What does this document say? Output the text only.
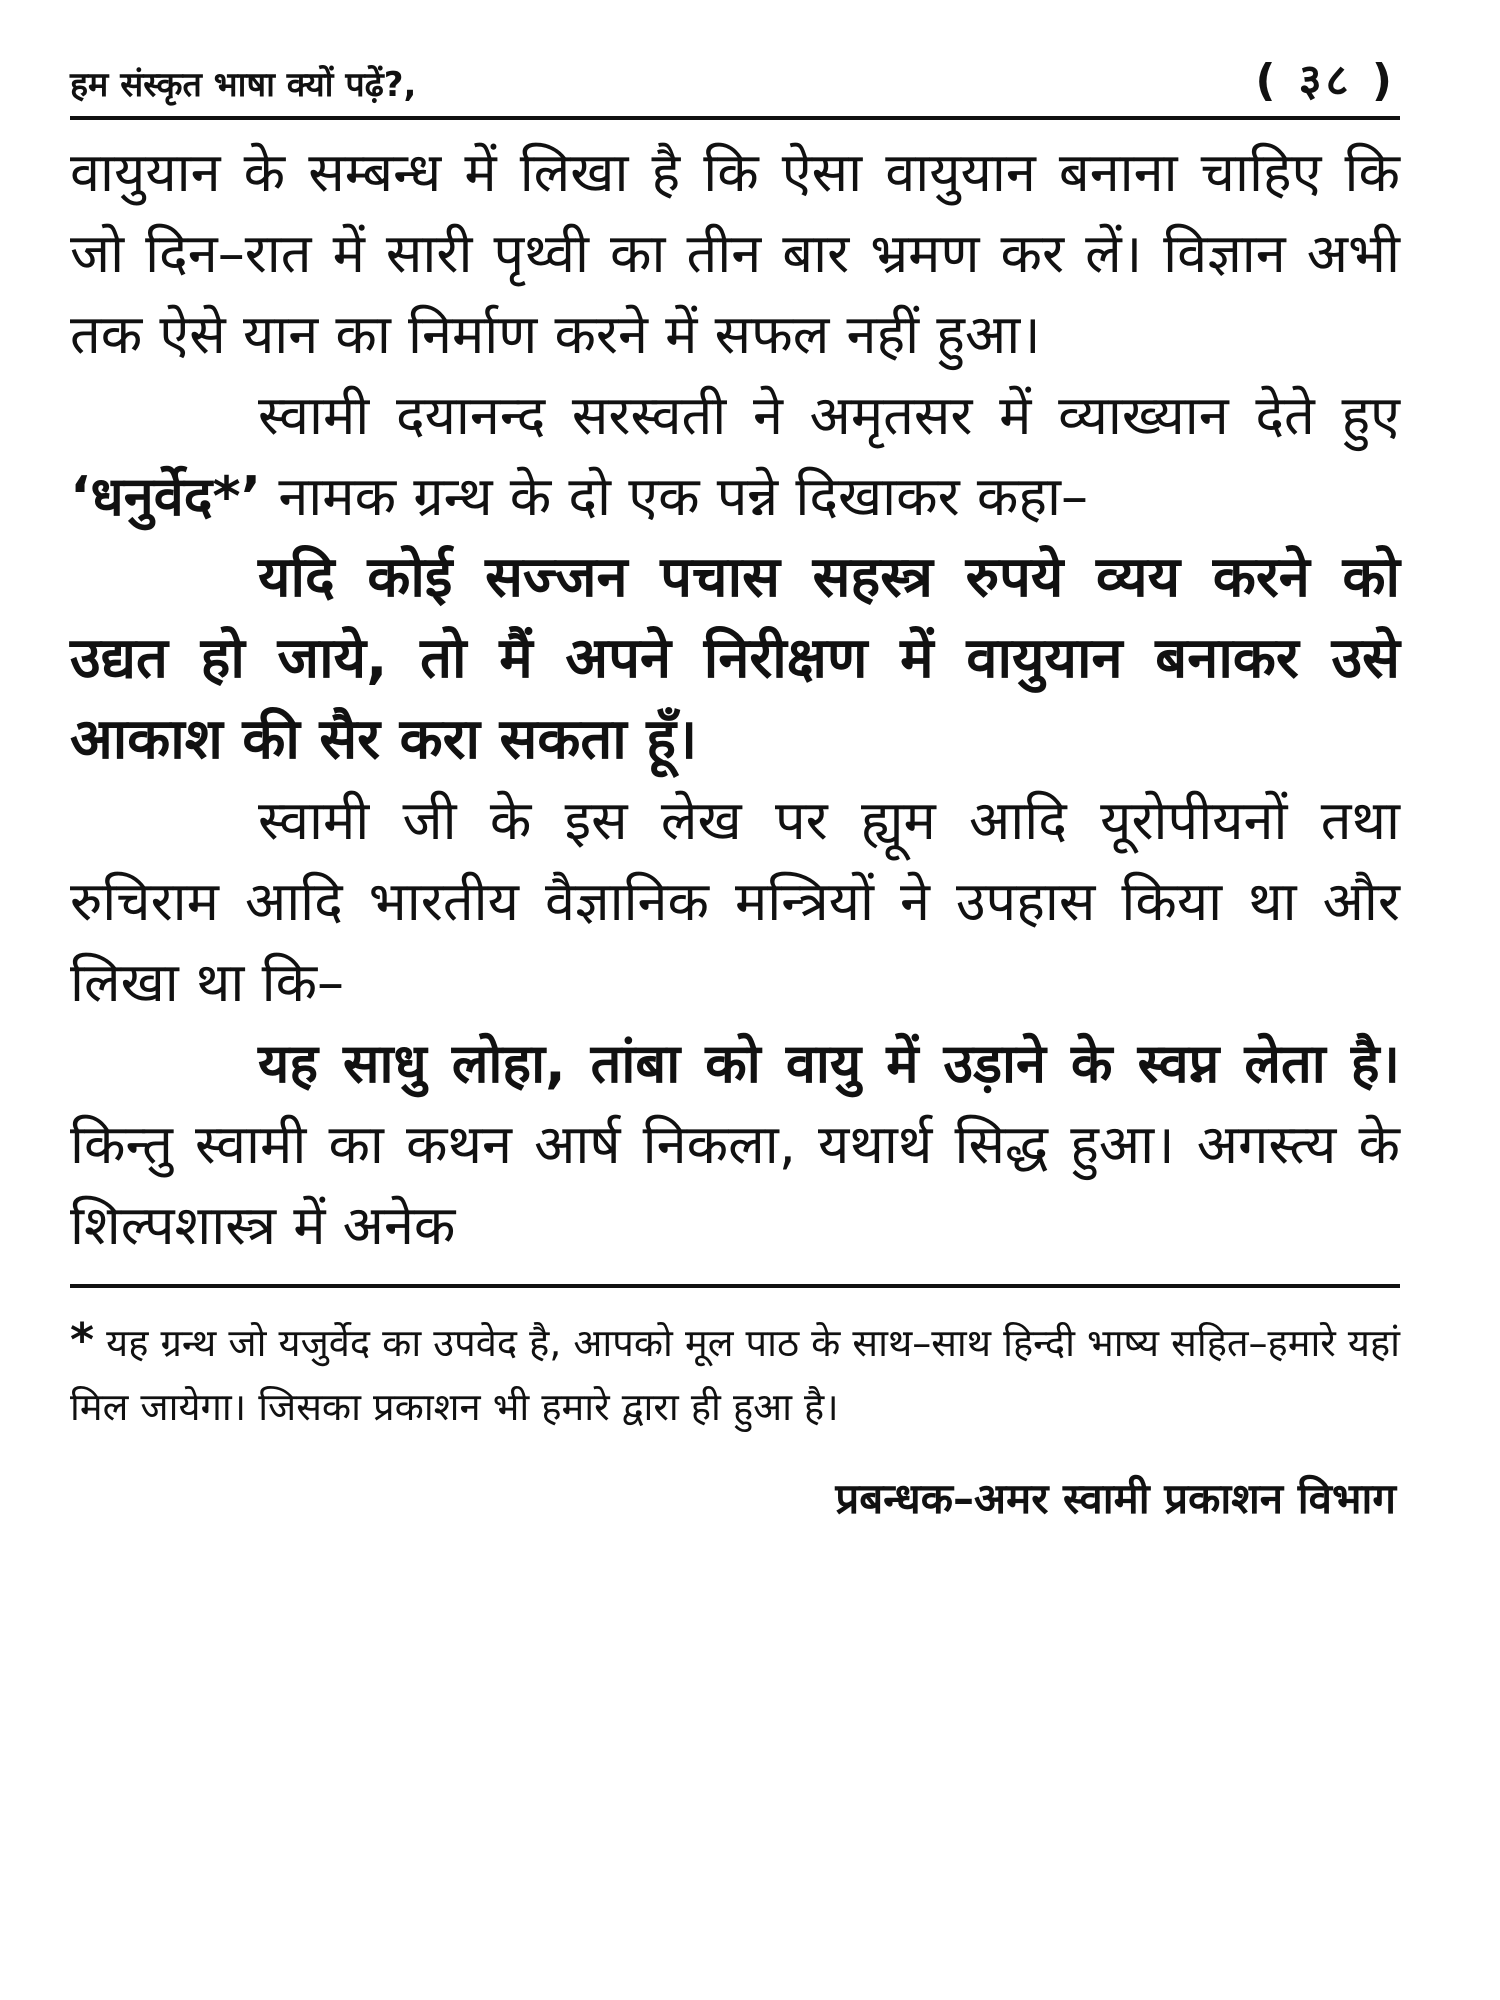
हम संस्कृत भाषा क्यों पढ़ें?,	( ३८ )

वायुयान के सम्बन्ध में लिखा है कि ऐसा वायुयान बनाना चाहिए कि जो दिन–रात में सारी पृथ्वी का तीन बार भ्रमण कर लें। विज्ञान अभी तक ऐसे यान का निर्माण करने में सफल नहीं हुआ।

स्वामी दयानन्द सरस्वती ने अमृतसर में व्याख्यान देते हुए ‘धनुर्वेद*’ नामक ग्रन्थ के दो एक पन्ने दिखाकर कहा–

यदि कोई सज्जन पचास सहस्त्र रुपये व्यय करने को उद्यत हो जाये, तो मैं अपने निरीक्षण में वायुयान बनाकर उसे आकाश की सैर करा सकता हूँ।

स्वामी जी के इस लेख पर ह्यूम आदि यूरोपीयनों तथा रुचिराम आदि भारतीय वैज्ञानिक मन्त्रियों ने उपहास किया था और लिखा था कि–

यह साधु लोहा, तांबा को वायु में उड़ाने के स्वप्न लेता है। किन्तु स्वामी का कथन आर्ष निकला, यथार्थ सिद्ध हुआ। अगस्त्य के शिल्पशास्त्र में अनेक

* यह ग्रन्थ जो यजुर्वेद का उपवेद है, आपको मूल पाठ के साथ–साथ हिन्दी भाष्य सहित–हमारे यहां मिल जायेगा। जिसका प्रकाशन भी हमारे द्वारा ही हुआ है।
प्रबन्धक–अमर स्वामी प्रकाशन विभाग
